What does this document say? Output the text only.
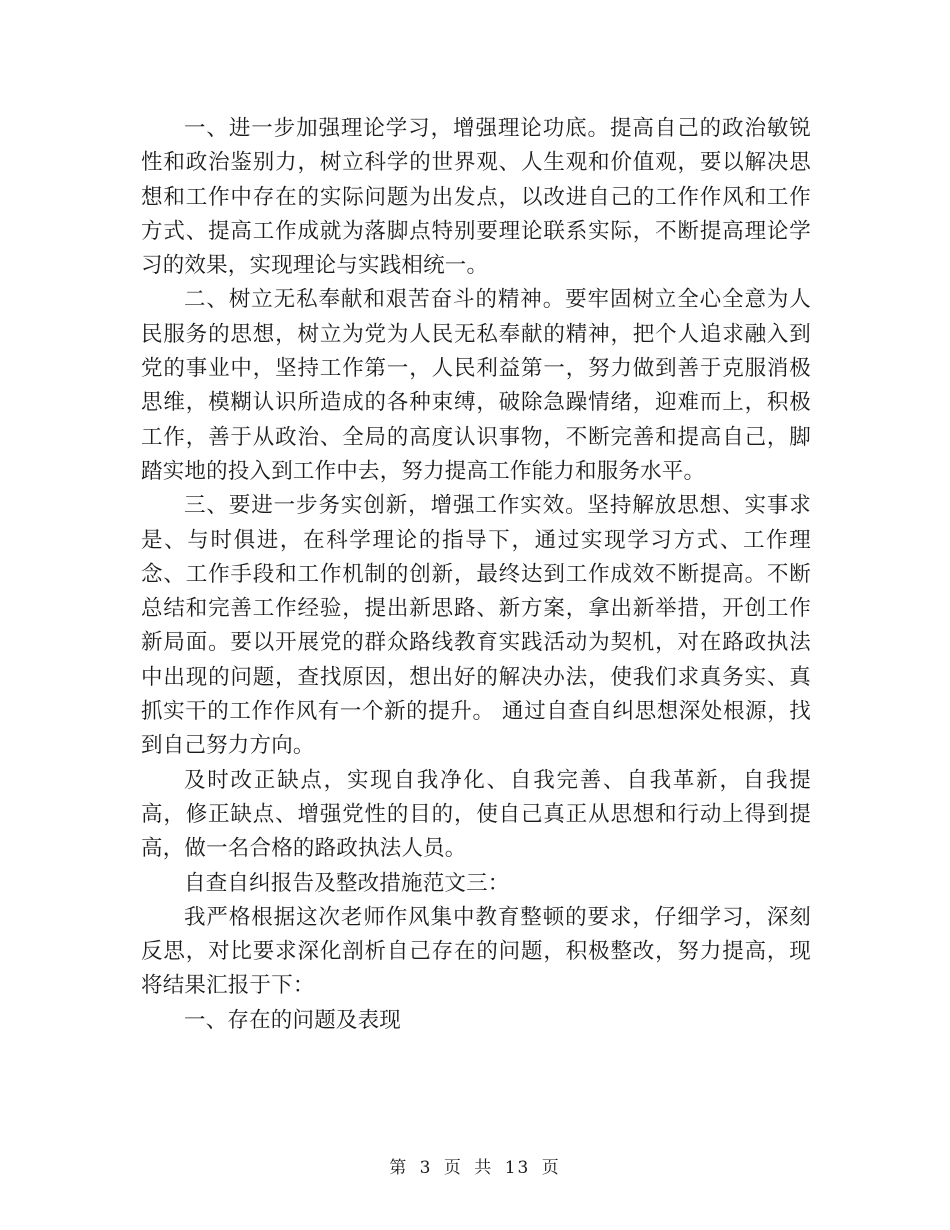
一、进一步加强理论学习，增强理论功底。提高自己的政治敏锐性和政治鉴别力，树立科学的世界观、人生观和价值观，要以解决思想和工作中存在的实际问题为出发点，以改进自己的工作作风和工作方式、提高工作成就为落脚点特别要理论联系实际，不断提高理论学习的效果，实现理论与实践相统一。

二、树立无私奉献和艰苦奋斗的精神。要牢固树立全心全意为人民服务的思想，树立为党为人民无私奉献的精神，把个人追求融入到党的事业中，坚持工作第一，人民利益第一，努力做到善于克服消极思维，模糊认识所造成的各种束缚，破除急躁情绪，迎难而上，积极工作，善于从政治、全局的高度认识事物，不断完善和提高自己，脚踏实地的投入到工作中去，努力提高工作能力和服务水平。

三、要进一步务实创新，增强工作实效。坚持解放思想、实事求是、与时俱进，在科学理论的指导下，通过实现学习方式、工作理念、工作手段和工作机制的创新，最终达到工作成效不断提高。不断总结和完善工作经验，提出新思路、新方案，拿出新举措，开创工作新局面。要以开展党的群众路线教育实践活动为契机，对在路政执法中出现的问题，查找原因，想出好的解决办法，使我们求真务实、真抓实干的工作作风有一个新的提升。 通过自查自纠思想深处根源，找到自己努力方向。

及时改正缺点，实现自我净化、自我完善、自我革新，自我提高，修正缺点、增强党性的目的，使自己真正从思想和行动上得到提高，做一名合格的路政执法人员。

自查自纠报告及整改措施范文三：

我严格根据这次老师作风集中教育整顿的要求，仔细学习，深刻反思，对比要求深化剖析自己存在的问题，积极整改，努力提高，现将结果汇报于下：

一、存在的问题及表现

第 3 页 共 13 页
